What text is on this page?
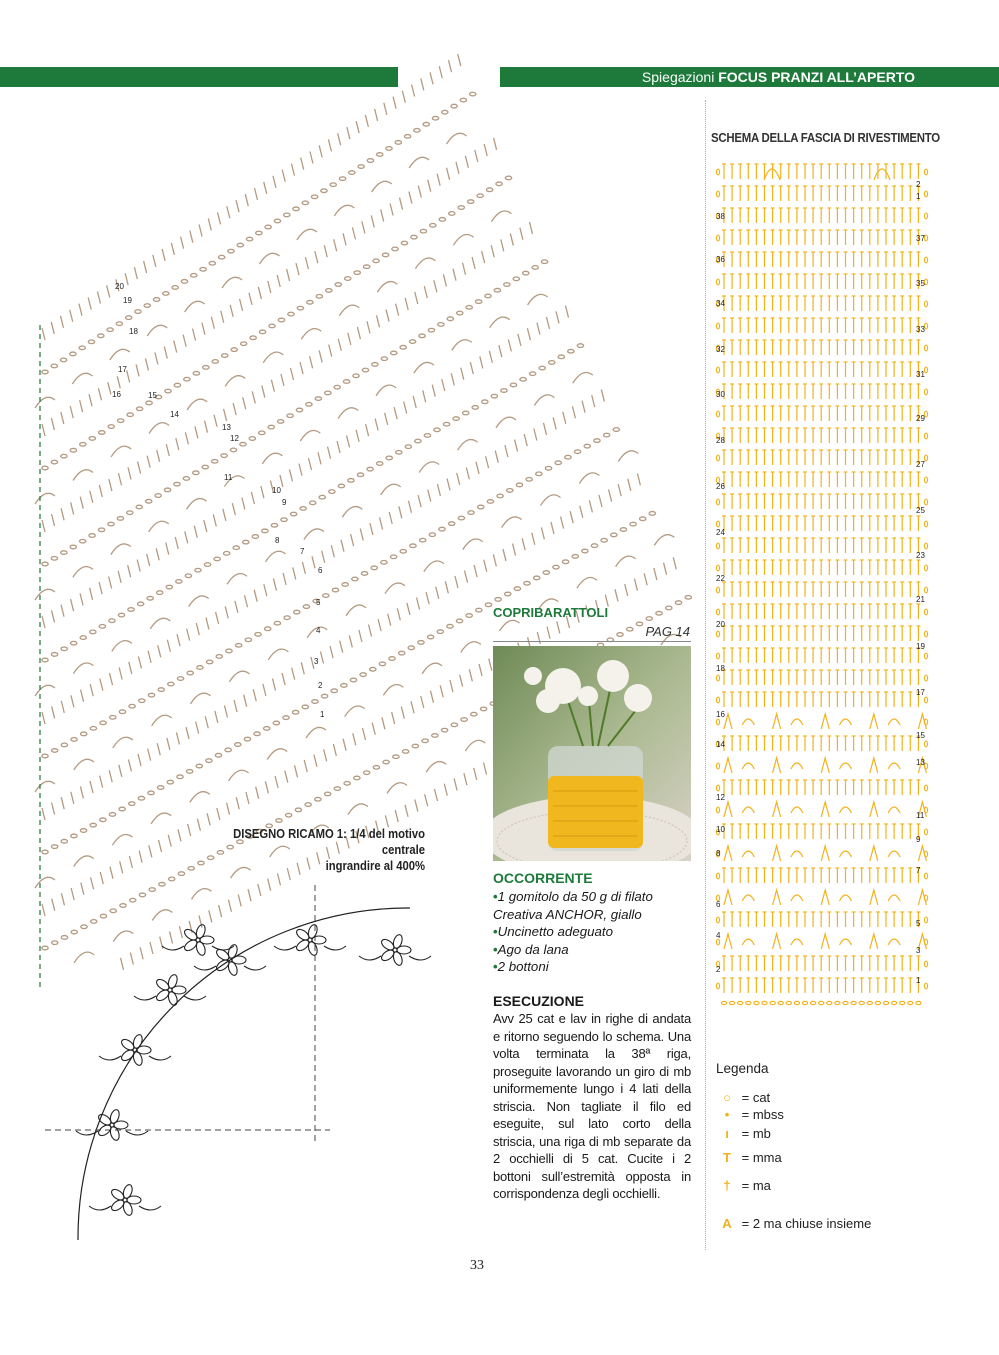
Spiegazioni FOCUS PRANZI ALL’APERTO
20
19
18
17
16	15
14
13
12
11
10
9
8
7
6
5
4
3
2
1
DISEGNO RICAMO 1: 1/4 del motivo centrale
ingrandire al 400%
SCHEMA DELLA FASCIA DI RIVESTIMENTO
2
1
37
35
33
31
29
27
25
23
21
19
17
15
13
11
9
7
5
3
1
38
36
34
32
30
28
26
24
22
20
18
16
14
12
10
8
6
4
2
COPRIBARATTOLI
PAG 14
OCCORRENTE
• 1 gomitolo da 50 g di filato Creativa ANCHOR, giallo
• Uncinetto adeguato
• Ago da lana
• 2 bottoni
ESECUZIONE
Avv 25 cat e lav in righe di andata e ritorno seguendo lo schema. Una volta terminata la 38ª riga, proseguite lavorando un giro di mb uniformemente lungo i 4 lati della striscia. Non tagliate il filo ed eseguite, sul lato corto della striscia, una riga di mb separate da 2 occhielli di 5 cat. Cucite i 2 bottoni sull’estremità opposta in corrispondenza degli occhielli.
Legenda
○ = cat
• = mbss
ı = mb
T = mma
† = ma
A = 2 ma chiuse insieme
33
